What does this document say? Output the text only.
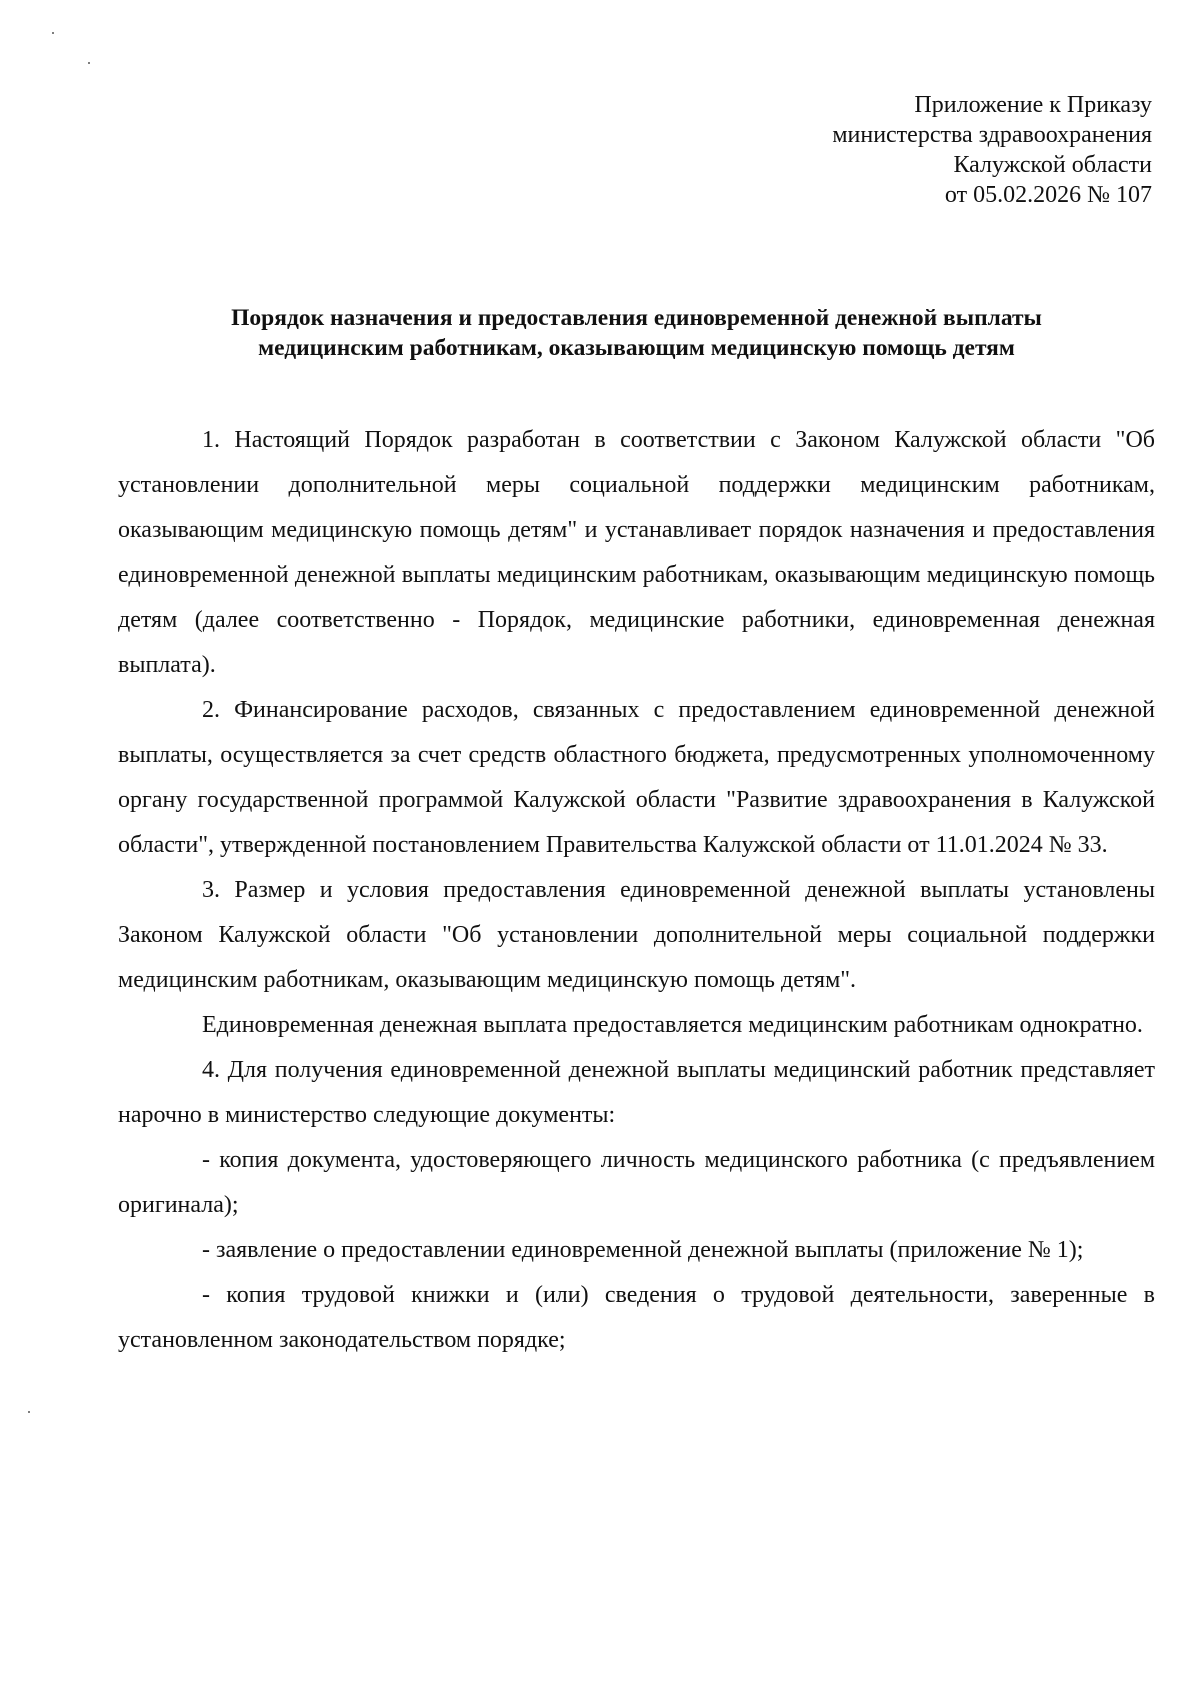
Приложение к Приказу
министерства здравоохранения
Калужской области
от 05.02.2026 № 107
Порядок назначения и предоставления единовременной денежной выплаты
медицинским работникам, оказывающим медицинскую помощь детям

1. Настоящий Порядок разработан в соответствии с Законом Калужской области "Об установлении дополнительной меры социальной поддержки медицинским работникам, оказывающим медицинскую помощь детям" и устанавливает порядок назначения и предоставления единовременной денежной выплаты медицинским работникам, оказывающим медицинскую помощь детям (далее соответственно - Порядок, медицинские работники, единовременная денежная выплата).

2. Финансирование расходов, связанных с предоставлением единовременной денежной выплаты, осуществляется за счет средств областного бюджета, предусмотренных уполномоченному органу государственной программой Калужской области "Развитие здравоохранения в Калужской области", утвержденной постановлением Правительства Калужской области от 11.01.2024 № 33.

3. Размер и условия предоставления единовременной денежной выплаты установлены Законом Калужской области "Об установлении дополнительной меры социальной поддержки медицинским работникам, оказывающим медицинскую помощь детям".

Единовременная денежная выплата предоставляется медицинским работникам однократно.

4. Для получения единовременной денежной выплаты медицинский работник представляет нарочно в министерство следующие документы:

- копия документа, удостоверяющего личность медицинского работника (с предъявлением оригинала);

- заявление о предоставлении единовременной денежной выплаты (приложение № 1);

- копия трудовой книжки и (или) сведения о трудовой деятельности, заверенные в установленном законодательством порядке;
